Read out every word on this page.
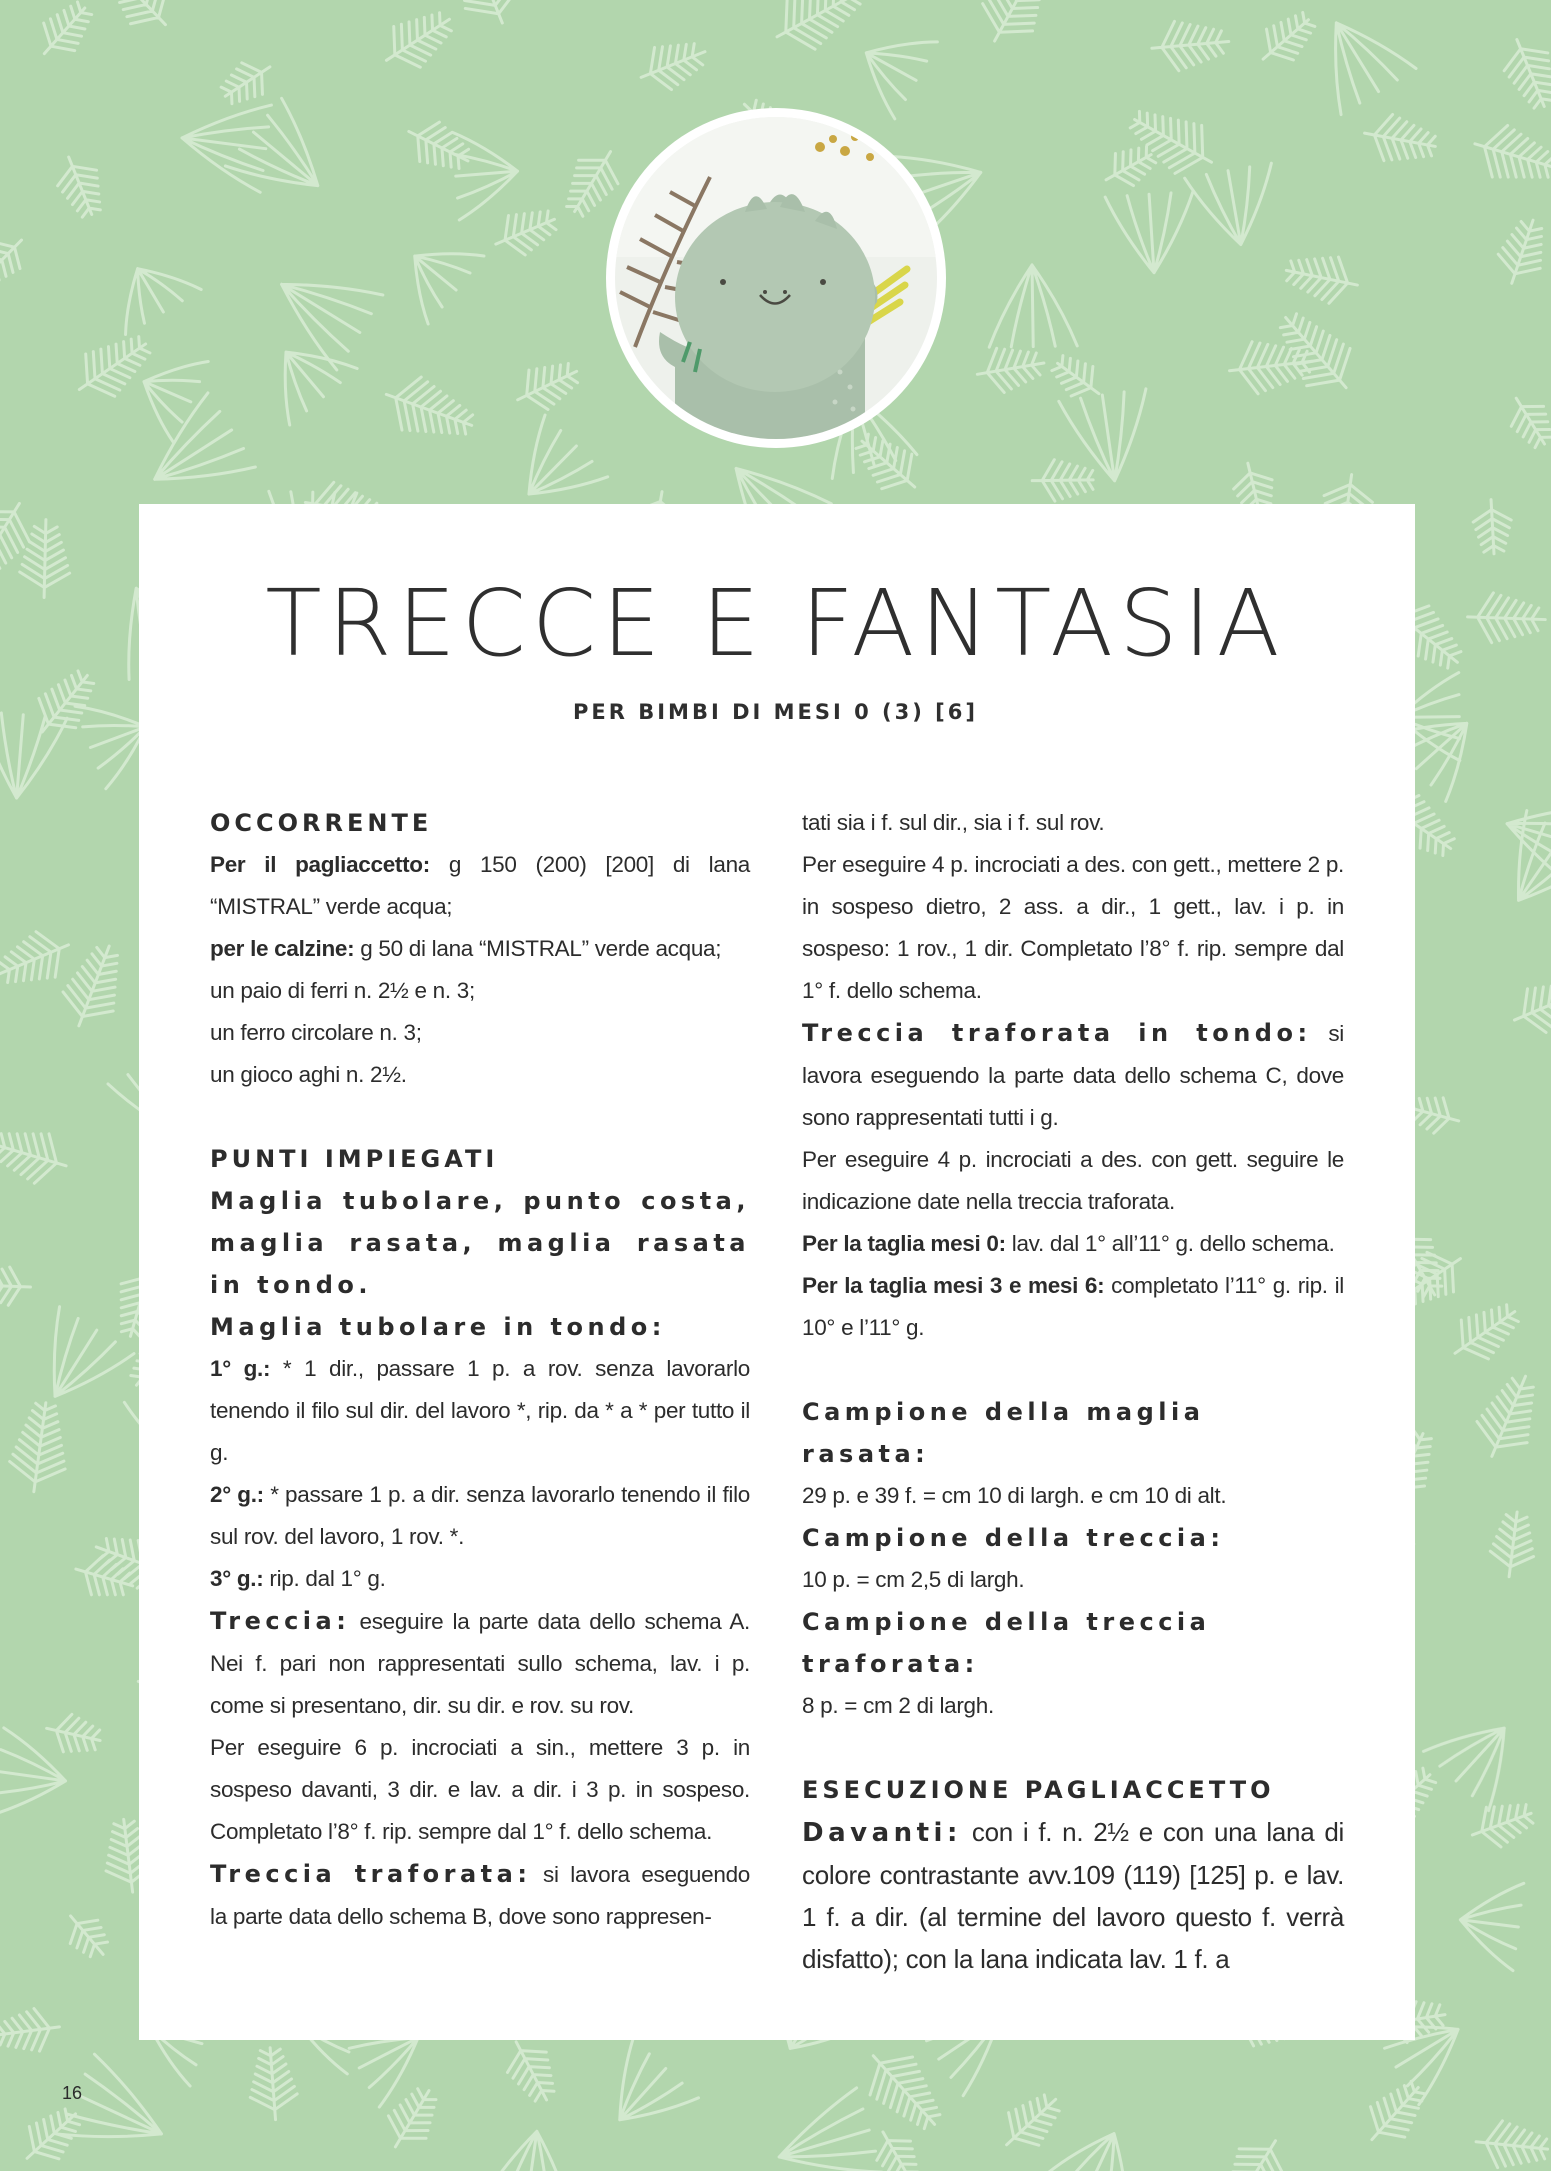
TRECCE E FANTASIA
PER BIMBI DI MESI 0 (3) [6]

OCCORRENTE

Per il pagliaccetto: g 150 (200) [200] di lana “MISTRAL” verde acqua;

per le calzine: g 50 di lana “MISTRAL” verde acqua;

un paio di ferri n. 2½ e n. 3;

un ferro circolare n. 3;

un gioco aghi n. 2½.

PUNTI IMPIEGATI

Maglia tubolare, punto costa, maglia rasata, maglia rasata in tondo.

Maglia tubolare in tondo:

1° g.: * 1 dir., passare 1 p. a rov. senza lavorarlo tenendo il filo sul dir. del lavoro *, rip. da * a * per tutto il g.

2° g.: * passare 1 p. a dir. senza lavorarlo tenendo il filo sul rov. del lavoro, 1 rov. *.

3° g.: rip. dal 1° g.

Treccia: eseguire la parte data dello schema A. Nei f. pari non rappresentati sullo schema, lav. i p. come si presentano, dir. su dir. e rov. su rov.

Per eseguire 6 p. incrociati a sin., mettere 3 p. in sospeso davanti, 3 dir. e lav. a dir. i 3 p. in sospeso. Completato l’8° f. rip. sempre dal 1° f. dello schema.

Treccia traforata: si lavora eseguendo la parte data dello schema B, dove sono rappresen-

tati sia i f. sul dir., sia i f. sul rov.

Per eseguire 4 p. incrociati a des. con gett., mettere 2 p. in sospeso dietro, 2 ass. a dir., 1 gett., lav. i p. in sospeso: 1 rov., 1 dir. Completato l’8° f. rip. sempre dal 1° f. dello schema.

Treccia traforata in tondo: si lavora eseguendo la parte data dello schema C, dove sono rappresentati tutti i g.

Per eseguire 4 p. incrociati a des. con gett. seguire le indicazione date nella treccia traforata.

Per la taglia mesi 0: lav. dal 1° all’11° g. dello schema.

Per la taglia mesi 3 e mesi 6: completato l’11° g. rip. il 10° e l’11° g.

Campione della maglia rasata:

29 p. e 39 f. = cm 10 di largh. e cm 10 di alt.

Campione della treccia:

10 p. = cm 2,5 di largh.

Campione della treccia traforata:

8 p. = cm 2 di largh.

ESECUZIONE PAGLIACCETTO

Davanti: con i f. n. 2½ e con una lana di colore contrastante avv.109 (119) [125] p. e lav. 1 f. a dir. (al termine del lavoro questo f. verrà disfatto); con la lana indicata lav. 1 f. a

16
